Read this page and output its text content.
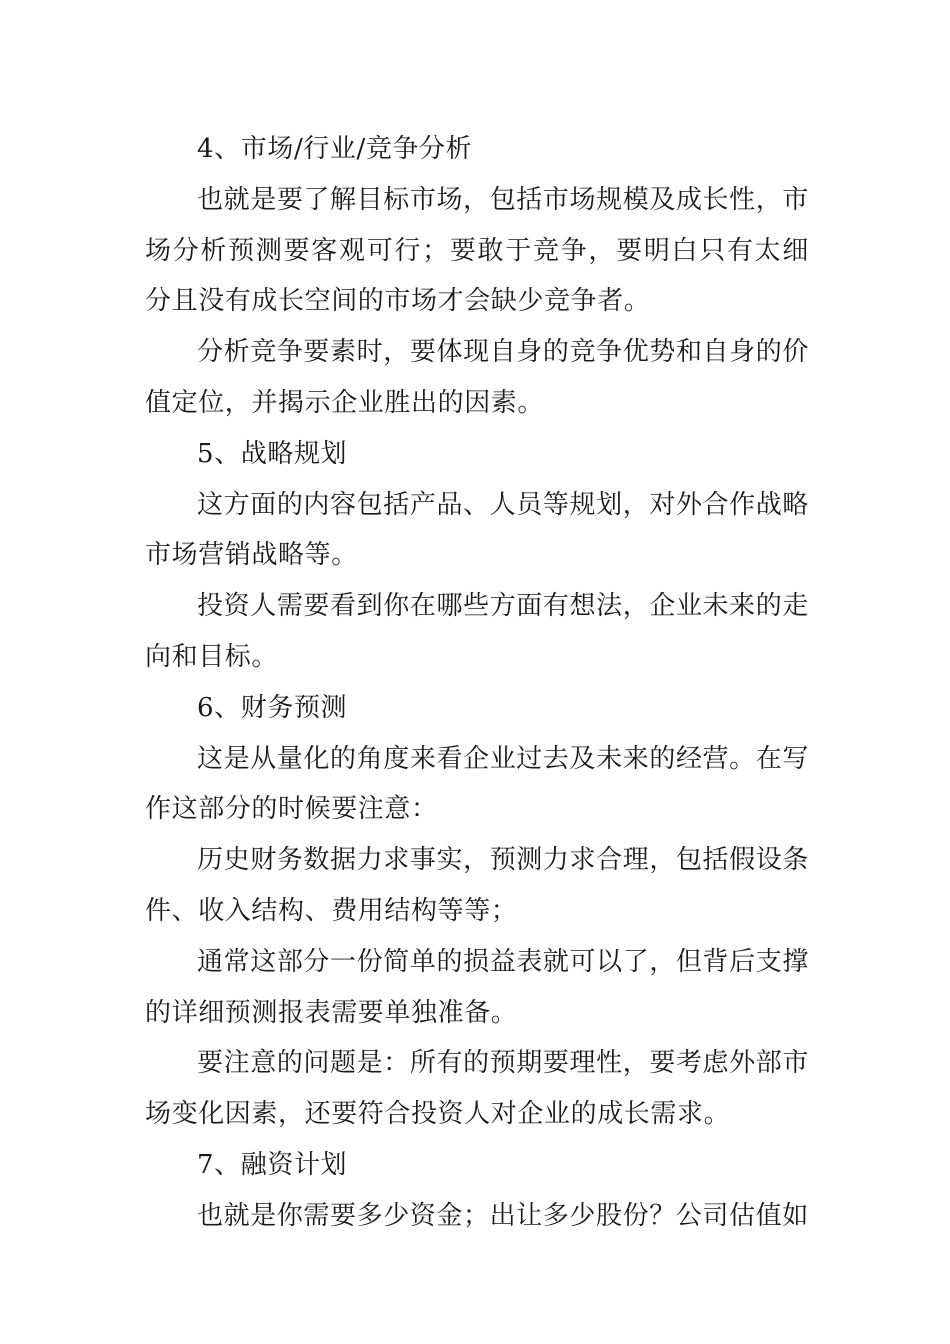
4、市场/行业/竞争分析

也就是要了解目标市场，包括市场规模及成长性，市场分析预测要客观可行；要敢于竞争，要明白只有太细分且没有成长空间的市场才会缺少竞争者。

分析竞争要素时，要体现自身的竞争优势和自身的价值定位，并揭示企业胜出的因素。

5、战略规划

这方面的内容包括产品、人员等规划，对外合作战略市场营销战略等。

投资人需要看到你在哪些方面有想法，企业未来的走向和目标。

6、财务预测

这是从量化的角度来看企业过去及未来的经营。在写作这部分的时候要注意：

历史财务数据力求事实，预测力求合理，包括假设条件、收入结构、费用结构等等；

通常这部分一份简单的损益表就可以了，但背后支撑的详细预测报表需要单独准备。

要注意的问题是：所有的预期要理性，要考虑外部市场变化因素，还要符合投资人对企业的成长需求。

7、融资计划

也就是你需要多少资金；出让多少股份？公司估值如
